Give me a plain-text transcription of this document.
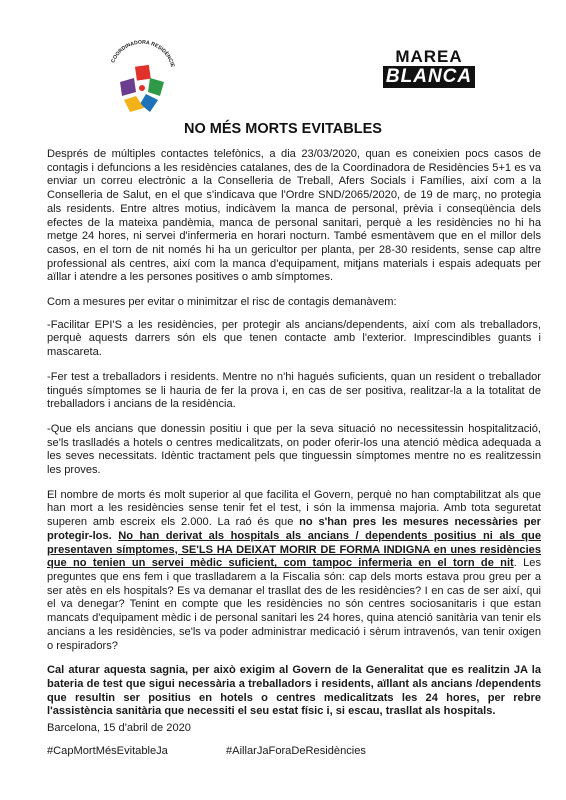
COORDINADORA RESIDÈNCIE	MAREA
BLANCA
NO MÉS MORTS EVITABLES

Després de múltiples contactes telefònics, a dia 23/03/2020, quan es coneixien pocs casos de contagis i defuncions a les residències catalanes, des de la Coordinadora de Residències 5+1 es va enviar un correu electrònic a la Conselleria de Treball, Afers Socials i Famílies, així com a la Conselleria de Salut, en el que s'indicava que l'Ordre SND/2065/2020, de 19 de març, no protegia als residents. Entre altres motius, indicàvem la manca de personal, prèvia i conseqüència dels efectes de la mateixa pandèmia, manca de personal sanitari, perquè a les residències no hi ha metge 24 hores, ni servei d'infermeria en horari nocturn. També esmentàvem que en el millor dels casos, en el torn de nit només hi ha un gericultor per planta, per 28-30 residents, sense cap altre professional als centres, així com la manca d'equipament, mitjans materials i espais adequats per aïllar i atendre a les persones positives o amb símptomes.

Com a mesures per evitar o minimitzar el risc de contagis demanàvem:

-Facilitar EPI'S a les residències, per protegir als ancians/dependents, així com als treballadors, perquè aquests darrers són els que tenen contacte amb l'exterior. Imprescindibles guants i mascareta.

-Fer test a treballadors i residents. Mentre no n'hi hagués suficients, quan un resident o treballador tingués símptomes se li hauria de fer la prova i, en cas de ser positiva, realitzar-la a la totalitat de treballadors i ancians de la residència.

-Que els ancians que donessin positiu i que per la seva situació no necessitessin hospitalització, se'ls traslladés a hotels o centres medicalitzats, on poder oferir-los una atenció mèdica adequada a les seves necessitats. Idèntic tractament pels que tinguessin símptomes mentre no es realitzessin les proves.

El nombre de morts és molt superior al que facilita el Govern, perquè no han comptabilitzat als que han mort a les residències sense tenir fet el test, i són la immensa majoria. Amb tota seguretat superen amb escreix els 2.000. La raó és que no s'han pres les mesures necessàries per protegir-los. No han derivat als hospitals als ancians / dependents positius ni als que presentaven símptomes, SE'LS HA DEIXAT MORIR DE FORMA INDIGNA en unes residències que no tenien un servei mèdic suficient, com tampoc infermeria en el torn de nit. Les preguntes que ens fem i que traslladarem a la Fiscalia són: cap dels morts estava prou greu per a ser atès en els hospitals? Es va demanar el trasllat des de les residències? I en cas de ser així, qui el va denegar? Tenint en compte que les residències no són centres sociosanitaris i que estan mancats d'equipament mèdic i de personal sanitari les 24 hores, quina atenció sanitària van tenir els ancians a les residències, se'ls va poder administrar medicació i sèrum intravenós, van tenir oxigen o respiradors?

Cal aturar aquesta sagnia, per això exigim al Govern de la Generalitat que es realitzin JA la bateria de test que sigui necessària a treballadors i residents, aïllant als ancians /dependents que resultin ser positius en hotels o centres medicalitzats les 24 hores, per rebre l'assistència sanitària que necessiti el seu estat físic i, si escau, trasllat als hospitals.

Barcelona, 15 d'abril de 2020
#CapMortMésEvitableJa	#AillarJaForaDeResidències
